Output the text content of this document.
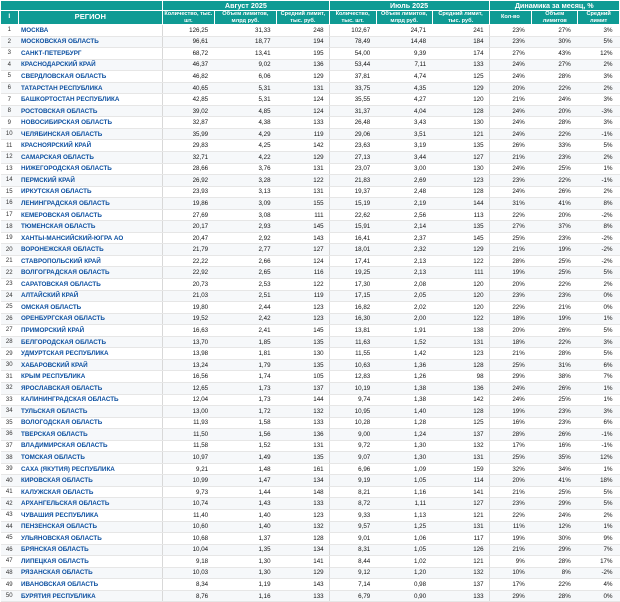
		Август 2025			Июль 2025			Динамика за месяц, %		
I	РЕГИОН	Количество, тыс. шт.	Объем лимитов, млрд руб.	Средний лимит, тыс. руб.	Количество, тыс. шт.	Объем лимитов, млрд руб.	Средний лимит, тыс. руб.	Кол-во	Объем лимитов	Средний лимит
1	МОСКВА	126,25	31,33	248	102,67	24,71	241	23%	27%	3%
2	МОСКОВСКАЯ ОБЛАСТЬ	96,61	18,77	194	78,49	14,48	184	23%	30%	5%
3	САНКТ-ПЕТЕРБУРГ	68,72	13,41	195	54,00	9,39	174	27%	43%	12%
4	КРАСНОДАРСКИЙ КРАЙ	46,37	9,02	136	53,44	7,11	133	24%	27%	2%
5	СВЕРДЛОВСКАЯ ОБЛАСТЬ	46,82	6,06	129	37,81	4,74	125	24%	28%	3%
6	ТАТАРСТАН РЕСПУБЛИКА	40,65	5,31	131	33,75	4,35	129	20%	22%	2%
7	БАШКОРТОСТАН РЕСПУБЛИКА	42,85	5,31	124	35,55	4,27	120	21%	24%	3%
8	РОСТОВСКАЯ ОБЛАСТЬ	39,02	4,85	124	31,37	4,04	128	24%	20%	-3%
9	НОВОСИБИРСКАЯ ОБЛАСТЬ	32,87	4,38	133	26,48	3,43	130	24%	28%	3%
10	ЧЕЛЯБИНСКАЯ ОБЛАСТЬ	35,99	4,29	119	29,06	3,51	121	24%	22%	-1%
11	КРАСНОЯРСКИЙ КРАЙ	29,83	4,25	142	23,63	3,19	135	26%	33%	5%
12	САМАРСКАЯ ОБЛАСТЬ	32,71	4,22	129	27,13	3,44	127	21%	23%	2%
13	НИЖЕГОРОДСКАЯ ОБЛАСТЬ	28,66	3,76	131	23,07	3,00	130	24%	25%	1%
14	ПЕРМСКИЙ КРАЙ	26,92	3,28	122	21,83	2,69	123	23%	22%	-1%
15	ИРКУТСКАЯ ОБЛАСТЬ	23,93	3,13	131	19,37	2,48	128	24%	26%	2%
16	ЛЕНИНГРАДСКАЯ ОБЛАСТЬ	19,86	3,09	155	15,19	2,19	144	31%	41%	8%
17	КЕМЕРОВСКАЯ ОБЛАСТЬ	27,69	3,08	111	22,62	2,56	113	22%	20%	-2%
18	ТЮМЕНСКАЯ ОБЛАСТЬ	20,17	2,93	145	15,91	2,14	135	27%	37%	8%
19	ХАНТЫ-МАНСИЙСКИЙ-ЮГРА АО	20,47	2,92	143	16,41	2,37	145	25%	23%	-2%
20	ВОРОНЕЖСКАЯ ОБЛАСТЬ	21,79	2,77	127	18,01	2,32	129	21%	19%	-2%
21	СТАВРОПОЛЬСКИЙ КРАЙ	22,22	2,66	124	17,41	2,13	122	28%	25%	-2%
22	ВОЛГОГРАДСКАЯ ОБЛАСТЬ	22,92	2,65	116	19,25	2,13	111	19%	25%	5%
23	САРАТОВСКАЯ ОБЛАСТЬ	20,73	2,53	122	17,30	2,08	120	20%	22%	2%
24	АЛТАЙСКИЙ КРАЙ	21,03	2,51	119	17,15	2,05	120	23%	23%	0%
25	ОМСКАЯ ОБЛАСТЬ	19,80	2,44	123	16,82	2,02	120	22%	21%	0%
26	ОРЕНБУРГСКАЯ ОБЛАСТЬ	19,52	2,42	123	16,30	2,00	122	18%	19%	1%
27	ПРИМОРСКИЙ КРАЙ	16,63	2,41	145	13,81	1,91	138	20%	26%	5%
28	БЕЛГОРОДСКАЯ ОБЛАСТЬ	13,70	1,85	135	11,63	1,52	131	18%	22%	3%
29	УДМУРТСКАЯ РЕСПУБЛИКА	13,98	1,81	130	11,55	1,42	123	21%	28%	5%
30	ХАБАРОВСКИЙ КРАЙ	13,24	1,79	135	10,63	1,36	128	25%	31%	6%
31	КРЫМ РЕСПУБЛИКА	16,56	1,74	105	12,83	1,26	98	29%	38%	7%
32	ЯРОСЛАВСКАЯ ОБЛАСТЬ	12,65	1,73	137	10,19	1,38	136	24%	26%	1%
33	КАЛИНИНГРАДСКАЯ ОБЛАСТЬ	12,04	1,73	144	9,74	1,38	142	24%	25%	1%
34	ТУЛЬСКАЯ ОБЛАСТЬ	13,00	1,72	132	10,95	1,40	128	19%	23%	3%
35	ВОЛОГОДСКАЯ ОБЛАСТЬ	11,93	1,58	133	10,28	1,28	125	16%	23%	6%
36	ТВЕРСКАЯ ОБЛАСТЬ	11,50	1,56	136	9,00	1,24	137	28%	26%	-1%
37	ВЛАДИМИРСКАЯ ОБЛАСТЬ	11,58	1,52	131	9,72	1,30	132	17%	16%	-1%
38	ТОМСКАЯ ОБЛАСТЬ	10,97	1,49	135	9,07	1,30	131	25%	35%	12%
39	САХА (ЯКУТИЯ) РЕСПУБЛИКА	9,21	1,48	161	6,96	1,09	159	32%	34%	1%
40	КИРОВСКАЯ ОБЛАСТЬ	10,99	1,47	134	9,19	1,05	114	20%	41%	18%
41	КАЛУЖСКАЯ ОБЛАСТЬ	9,73	1,44	148	8,21	1,16	141	21%	25%	5%
42	АРХАНГЕЛЬСКАЯ ОБЛАСТЬ	10,74	1,43	133	8,72	1,11	127	23%	29%	5%
43	ЧУВАШИЯ РЕСПУБЛИКА	11,40	1,40	123	9,33	1,13	121	22%	24%	2%
44	ПЕНЗЕНСКАЯ ОБЛАСТЬ	10,60	1,40	132	9,57	1,25	131	11%	12%	1%
45	УЛЬЯНОВСКАЯ ОБЛАСТЬ	10,68	1,37	128	9,01	1,06	117	19%	30%	9%
46	БРЯНСКАЯ ОБЛАСТЬ	10,04	1,35	134	8,31	1,05	126	21%	29%	7%
47	ЛИПЕЦКАЯ ОБЛАСТЬ	9,18	1,30	141	8,44	1,02	121	9%	28%	17%
48	РЯЗАНСКАЯ ОБЛАСТЬ	10,03	1,30	129	9,12	1,20	132	10%	8%	-2%
49	ИВАНОВСКАЯ ОБЛАСТЬ	8,34	1,19	143	7,14	0,98	137	17%	22%	4%
50	БУРЯТИЯ РЕСПУБЛИКА	8,76	1,16	133	6,79	0,90	133	29%	28%	0%
